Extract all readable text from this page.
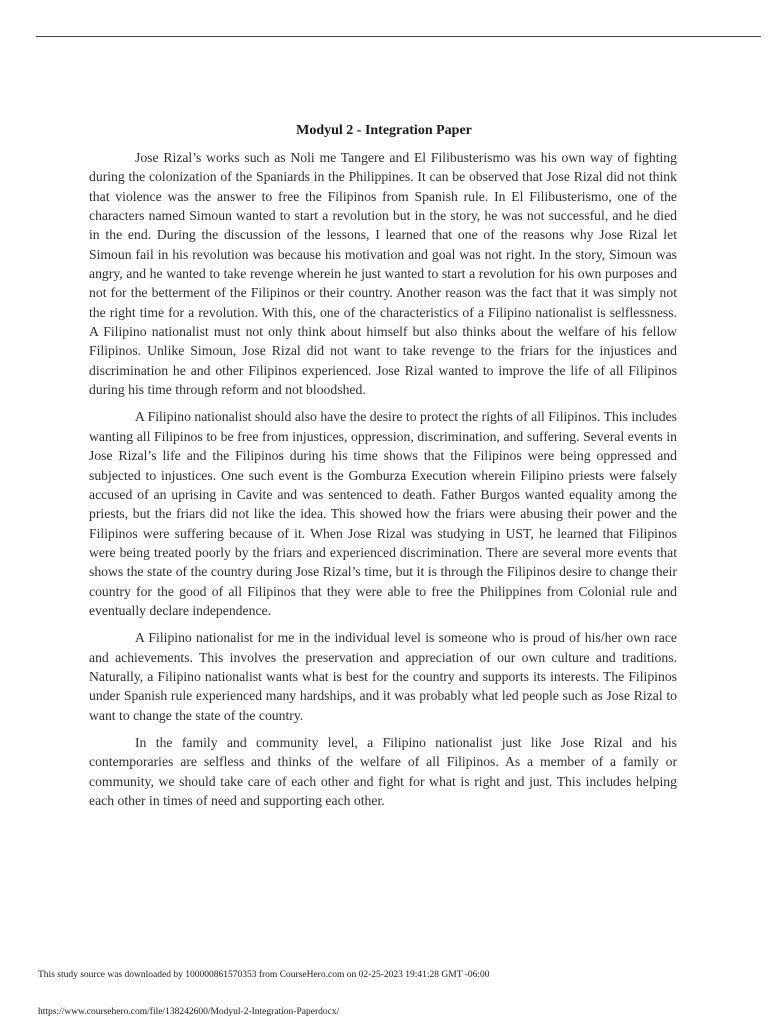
Modyul 2 - Integration Paper

Jose Rizal’s works such as Noli me Tangere and El Filibusterismo was his own way of fighting during the colonization of the Spaniards in the Philippines. It can be observed that Jose Rizal did not think that violence was the answer to free the Filipinos from Spanish rule. In El Filibusterismo, one of the characters named Simoun wanted to start a revolution but in the story, he was not successful, and he died in the end. During the discussion of the lessons, I learned that one of the reasons why Jose Rizal let Simoun fail in his revolution was because his motivation and goal was not right. In the story, Simoun was angry, and he wanted to take revenge wherein he just wanted to start a revolution for his own purposes and not for the betterment of the Filipinos or their country. Another reason was the fact that it was simply not the right time for a revolution. With this, one of the characteristics of a Filipino nationalist is selflessness. A Filipino nationalist must not only think about himself but also thinks about the welfare of his fellow Filipinos. Unlike Simoun, Jose Rizal did not want to take revenge to the friars for the injustices and discrimination he and other Filipinos experienced. Jose Rizal wanted to improve the life of all Filipinos during his time through reform and not bloodshed.

A Filipino nationalist should also have the desire to protect the rights of all Filipinos. This includes wanting all Filipinos to be free from injustices, oppression, discrimination, and suffering. Several events in Jose Rizal’s life and the Filipinos during his time shows that the Filipinos were being oppressed and subjected to injustices. One such event is the Gomburza Execution wherein Filipino priests were falsely accused of an uprising in Cavite and was sentenced to death. Father Burgos wanted equality among the priests, but the friars did not like the idea. This showed how the friars were abusing their power and the Filipinos were suffering because of it. When Jose Rizal was studying in UST, he learned that Filipinos were being treated poorly by the friars and experienced discrimination. There are several more events that shows the state of the country during Jose Rizal’s time, but it is through the Filipinos desire to change their country for the good of all Filipinos that they were able to free the Philippines from Colonial rule and eventually declare independence.

A Filipino nationalist for me in the individual level is someone who is proud of his/her own race and achievements. This involves the preservation and appreciation of our own culture and traditions. Naturally, a Filipino nationalist wants what is best for the country and supports its interests. The Filipinos under Spanish rule experienced many hardships, and it was probably what led people such as Jose Rizal to want to change the state of the country.

In the family and community level, a Filipino nationalist just like Jose Rizal and his contemporaries are selfless and thinks of the welfare of all Filipinos. As a member of a family or community, we should take care of each other and fight for what is right and just. This includes helping each other in times of need and supporting each other.

This study source was downloaded by 100000861570353 from CourseHero.com on 02-25-2023 19:41:28 GMT -06:00
https://www.coursehero.com/file/138242600/Modyul-2-Integration-Paperdocx/
